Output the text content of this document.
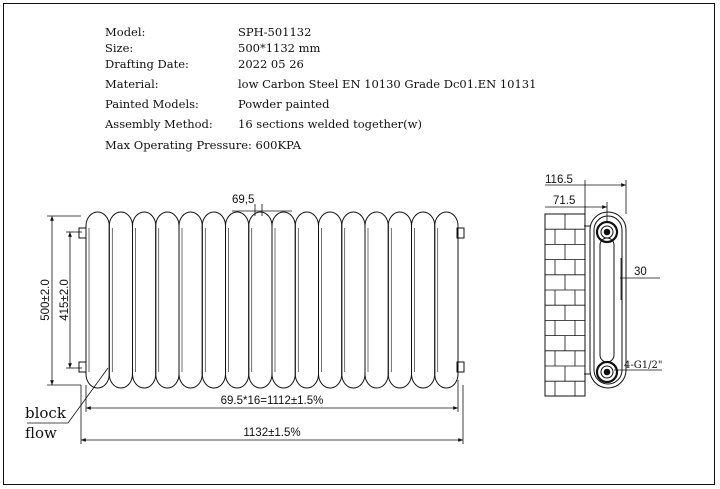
Model:	SPH-501132
Size:	500*1132 mm
Drafting Date:	2022 05 26
Material:	low Carbon Steel EN 10130 Grade Dc01.EN 10131
Painted Models:	Powder painted
Assembly Method: 16 sections welded together(w)
Max Operating Pressure: 600KPA
69,5
500±2.0 415±2.0
69.5*16=1112±1.5%
1132±1.5%
block
flow
116.5
71.5
30
4-G1/2"
